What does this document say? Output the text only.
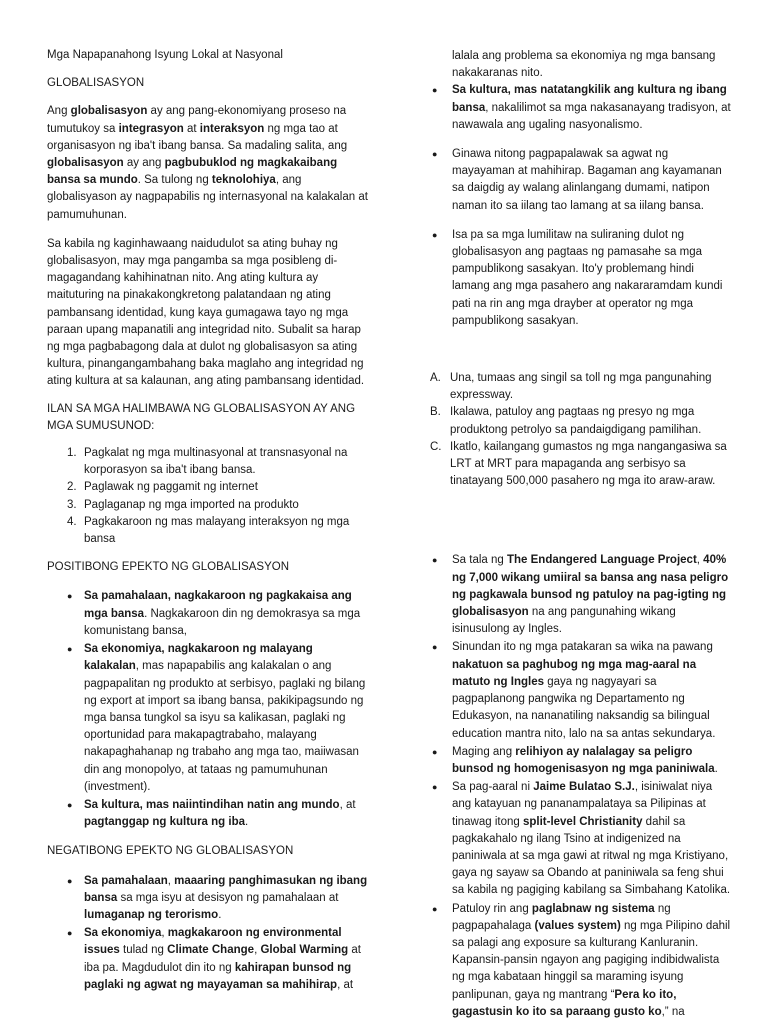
Mga Napapanahong Isyung Lokal at Nasyonal

GLOBALISASYON

Ang globalisasyon ay ang pang-ekonomiyang proseso na tumutukoy sa integrasyon at interaksyon ng mga tao at organisasyon ng iba't ibang bansa. Sa madaling salita, ang globalisasyon ay ang pagbubuklod ng magkakaibang bansa sa mundo. Sa tulong ng teknolohiya, ang globalisyason ay nagpapabilis ng internasyonal na kalakalan at pamumuhunan.

Sa kabila ng kaginhawaang naidudulot sa ating buhay ng globalisasyon, may mga pangamba sa mga posibleng di-magagandang kahihinatnan nito. Ang ating kultura ay maituturing na pinakakongkretong palatandaan ng ating pambansang identidad, kung kaya gumagawa tayo ng mga paraan upang mapanatili ang integridad nito. Subalit sa harap ng mga pagbabagong dala at dulot ng globalisasyon sa ating kultura, pinangangambahang baka maglaho ang integridad ng ating kultura at sa kalaunan, ang ating pambansang identidad.

ILAN SA MGA HALIMBAWA NG GLOBALISASYON AY ANG MGA SUMUSUNOD:

1. Pagkalat ng mga multinasyonal at transnasyonal na korporasyon sa iba't ibang bansa.
2. Paglawak ng paggamit ng internet
3. Paglaganap ng mga imported na produkto
4. Pagkakaroon ng mas malayang interaksyon ng mga bansa

POSITIBONG EPEKTO NG GLOBALISASYON

● Sa pamahalaan, nagkakaroon ng pagkakaisa ang mga bansa. Nagkakaroon din ng demokrasya sa mga komunistang bansa,
● Sa ekonomiya, nagkakaroon ng malayang kalakalan, mas napapabilis ang kalakalan o ang pagpapalitan ng produkto at serbisyo, paglaki ng bilang ng export at import sa ibang bansa, pakikipagsundo ng mga bansa tungkol sa isyu sa kalikasan, paglaki ng oportunidad para makapagtrabaho, malayang nakapaghahanap ng trabaho ang mga tao, maiiwasan din ang monopolyo, at tataas ng pamumuhunan (investment).
● Sa kultura, mas naiintindihan natin ang mundo, at pagtanggap ng kultura ng iba.

NEGATIBONG EPEKTO NG GLOBALISASYON

● Sa pamahalaan, maaaring panghimasukan ng ibang bansa sa mga isyu at desisyon ng pamahalaan at lumaganap ng terorismo.
● Sa ekonomiya, magkakaroon ng environmental issues tulad ng Climate Change, Global Warming at iba pa. Magdudulot din ito ng kahirapan bunsod ng paglaki ng agwat ng mayayaman sa mahihirap, at

lalala ang problema sa ekonomiya ng mga bansang nakakaranas nito.

● Sa kultura, mas natatangkilik ang kultura ng ibang bansa, nakalilimot sa mga nakasanayang tradisyon, at nawawala ang ugaling nasyonalismo.
● Ginawa nitong pagpapalawak sa agwat ng mayayaman at mahihirap. Bagaman ang kayamanan sa daigdig ay walang alinlangang dumami, natipon naman ito sa iilang tao lamang at sa iilang bansa.
● Isa pa sa mga lumilitaw na suliraning dulot ng globalisasyon ang pagtaas ng pamasahe sa mga pampublikong sasakyan. Ito'y problemang hindi lamang ang mga pasahero ang nakararamdam kundi pati na rin ang mga drayber at operator ng mga pampublikong sasakyan.
A. Una, tumaas ang singil sa toll ng mga pangunahing expressway.
B. Ikalawa, patuloy ang pagtaas ng presyo ng mga produktong petrolyo sa pandaigdigang pamilihan.
C. Ikatlo, kailangang gumastos ng mga nangangasiwa sa LRT at MRT para mapaganda ang serbisyo sa tinatayang 500,000 pasahero ng mga ito araw-araw.
● Sa tala ng The Endangered Language Project, 40% ng 7,000 wikang umiiral sa bansa ang nasa peligro ng pagkawala bunsod ng patuloy na pag-igting ng globalisasyon na ang pangunahing wikang isinusulong ay Ingles.
● Sinundan ito ng mga patakaran sa wika na pawang nakatuon sa paghubog ng mga mag-aaral na matuto ng Ingles gaya ng nagyayari sa pagpaplanong pangwika ng Departamento ng Edukasyon, na nananatiling naksandig sa bilingual education mantra nito, lalo na sa antas sekundarya.
● Maging ang relihiyon ay nalalagay sa peligro bunsod ng homogenisasyon ng mga paniniwala.
● Sa pag-aaral ni Jaime Bulatao S.J., isiniwalat niya ang katayuan ng pananampalataya sa Pilipinas at tinawag itong split-level Christianity dahil sa pagkakahalo ng ilang Tsino at indigenized na paniniwala at sa mga gawi at ritwal ng mga Kristiyano, gaya ng sayaw sa Obando at paniniwala sa feng shui sa kabila ng pagiging kabilang sa Simbahang Katolika.
● Patuloy rin ang paglabnaw ng sistema ng pagpapahalaga (values system) ng mga Pilipino dahil sa palagi ang exposure sa kulturang Kanluranin. Kapansin-pansin ngayon ang pagiging indibidwalista ng mga kabataan hinggil sa maraming isyung panlipunan, gaya ng mantrang “Pera ko ito, gagastusin ko ito sa paraang gusto ko,” na
